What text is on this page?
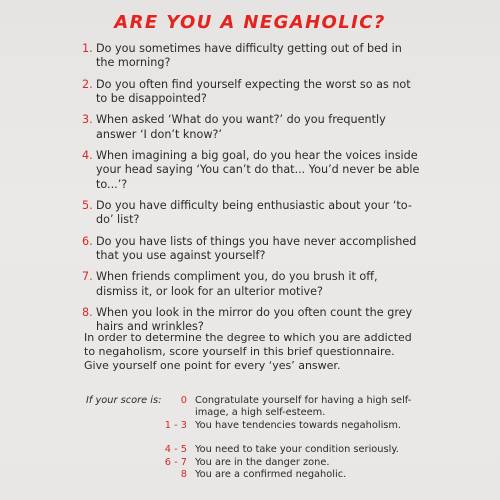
ARE YOU A NEGAHOLIC?
1. Do you sometimes have difficulty getting out of bed in the morning?
2. Do you often find yourself expecting the worst so as not to be disappointed?
3. When asked ‘What do you want?’ do you frequently answer ‘I don’t know?’
4. When imagining a big goal, do you hear the voices inside your head saying ‘You can’t do that... You’d never be able to...’?
5. Do you have difficulty being enthusiastic about your ‘to-do’ list?
6. Do you have lists of things you have never accomplished that you use against yourself?
7. When friends compliment you, do you brush it off, dismiss it, or look for an ulterior motive?
8. When you look in the mirror do you often count the grey hairs and wrinkles?

In order to determine the degree to which you are addicted to negaholism, score yourself in this brief questionnaire. Give yourself one point for every ‘yes’ answer.

If your score is:	0 Congratulate yourself for having a high self-image, a high self-esteem.
1 - 3 You have tendencies towards negaholism.
4 - 5 You need to take your condition seriously.
6 - 7 You are in the danger zone.
8 You are a confirmed negaholic.
